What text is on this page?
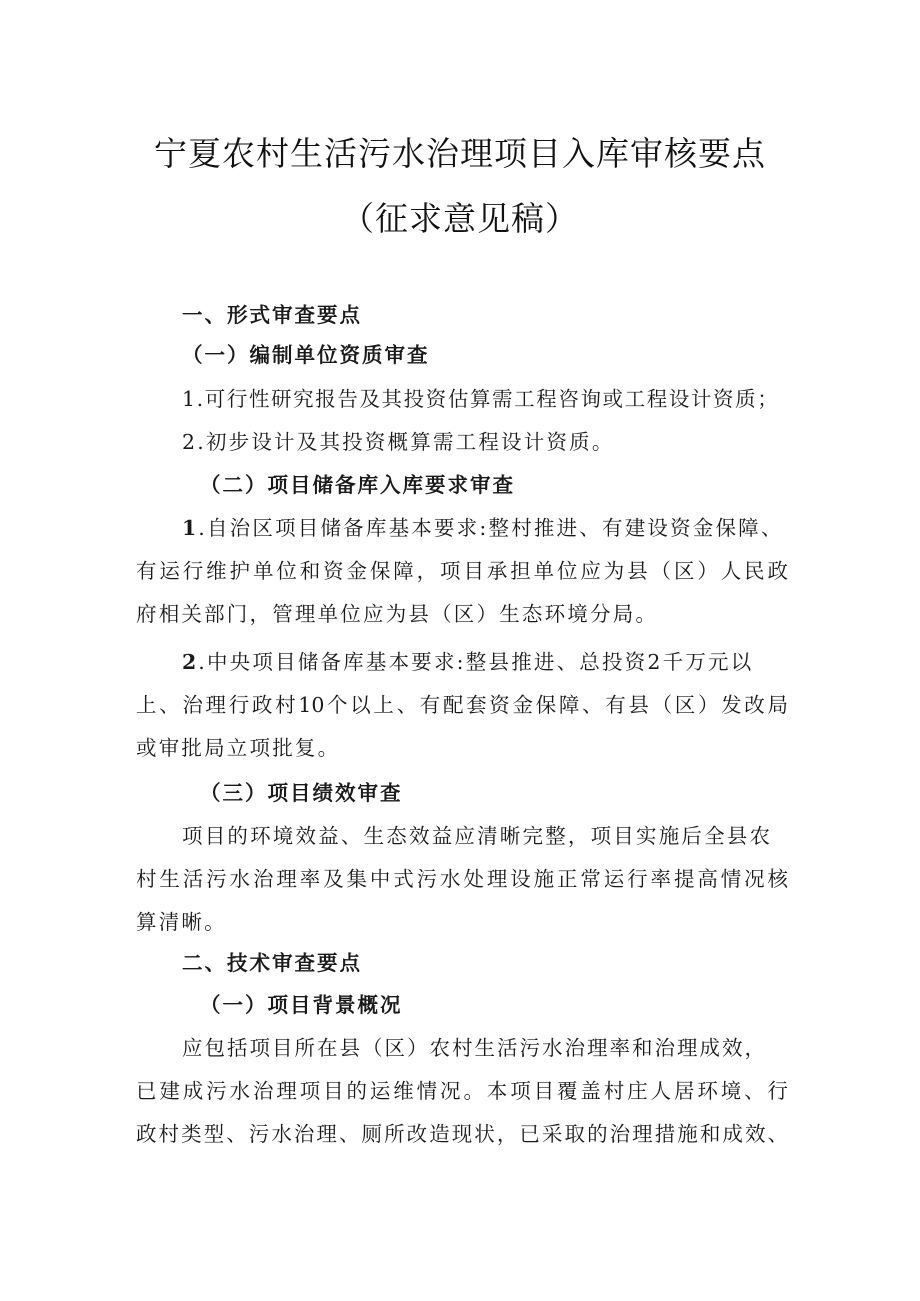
宁夏农村生活污水治理项目入库审核要点
（征求意见稿）
一、形式审查要点
（一）编制单位资质审查
1.可行性研究报告及其投资估算需工程咨询或工程设计资质；
2.初步设计及其投资概算需工程设计资质。
（二）项目储备库入库要求审查
1.自治区项目储备库基本要求:整村推进、有建设资金保障、
有运行维护单位和资金保障，项目承担单位应为县（区）人民政
府相关部门，管理单位应为县（区）生态环境分局。
2.中央项目储备库基本要求:整县推进、总投资2千万元以
上、治理行政村10个以上、有配套资金保障、有县（区）发改局
或审批局立项批复。
（三）项目绩效审查
项目的环境效益、生态效益应清晰完整，项目实施后全县农
村生活污水治理率及集中式污水处理设施正常运行率提高情况核
算清晰。
二、技术审查要点
（一）项目背景概况
应包括项目所在县（区）农村生活污水治理率和治理成效，
已建成污水治理项目的运维情况。本项目覆盖村庄人居环境、行
政村类型、污水治理、厕所改造现状，已采取的治理措施和成效、
